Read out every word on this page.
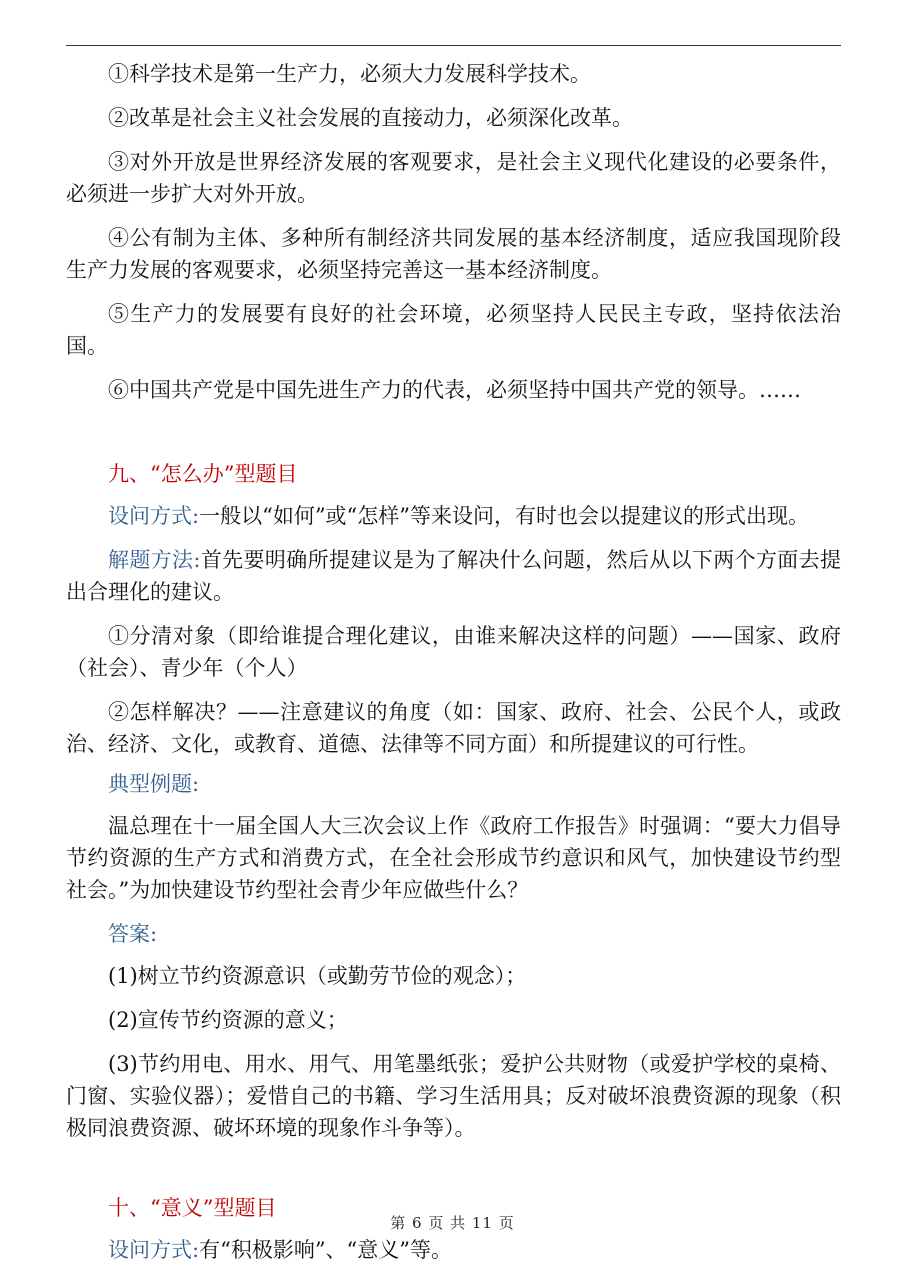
①科学技术是第一生产力，必须大力发展科学技术。

②改革是社会主义社会发展的直接动力，必须深化改革。

③对外开放是世界经济发展的客观要求，是社会主义现代化建设的必要条件，必须进一步扩大对外开放。

④公有制为主体、多种所有制经济共同发展的基本经济制度，适应我国现阶段生产力发展的客观要求，必须坚持完善这一基本经济制度。

⑤生产力的发展要有良好的社会环境，必须坚持人民民主专政，坚持依法治国。

⑥中国共产党是中国先进生产力的代表，必须坚持中国共产党的领导。……

九、“怎么办”型题目

设问方式:一般以“如何”或“怎样”等来设问，有时也会以提建议的形式出现。

解题方法:首先要明确所提建议是为了解决什么问题，然后从以下两个方面去提出合理化的建议。

①分清对象（即给谁提合理化建议，由谁来解决这样的问题）——国家、政府（社会）、青少年（个人）

②怎样解决？——注意建议的角度（如：国家、政府、社会、公民个人，或政治、经济、文化，或教育、道德、法律等不同方面）和所提建议的可行性。

典型例题:

温总理在十一届全国人大三次会议上作《政府工作报告》时强调：“要大力倡导节约资源的生产方式和消费方式，在全社会形成节约意识和风气，加快建设节约型社会。”为加快建设节约型社会青少年应做些什么？

答案:

(1)树立节约资源意识（或勤劳节俭的观念）；

(2)宣传节约资源的意义；

(3)节约用电、用水、用气、用笔墨纸张；爱护公共财物（或爱护学校的桌椅、门窗、实验仪器）；爱惜自己的书籍、学习生活用具；反对破坏浪费资源的现象（积极同浪费资源、破坏环境的现象作斗争等）。

十、“意义”型题目

设问方式:有“积极影响”、“意义”等。

第 6 页 共 11 页
